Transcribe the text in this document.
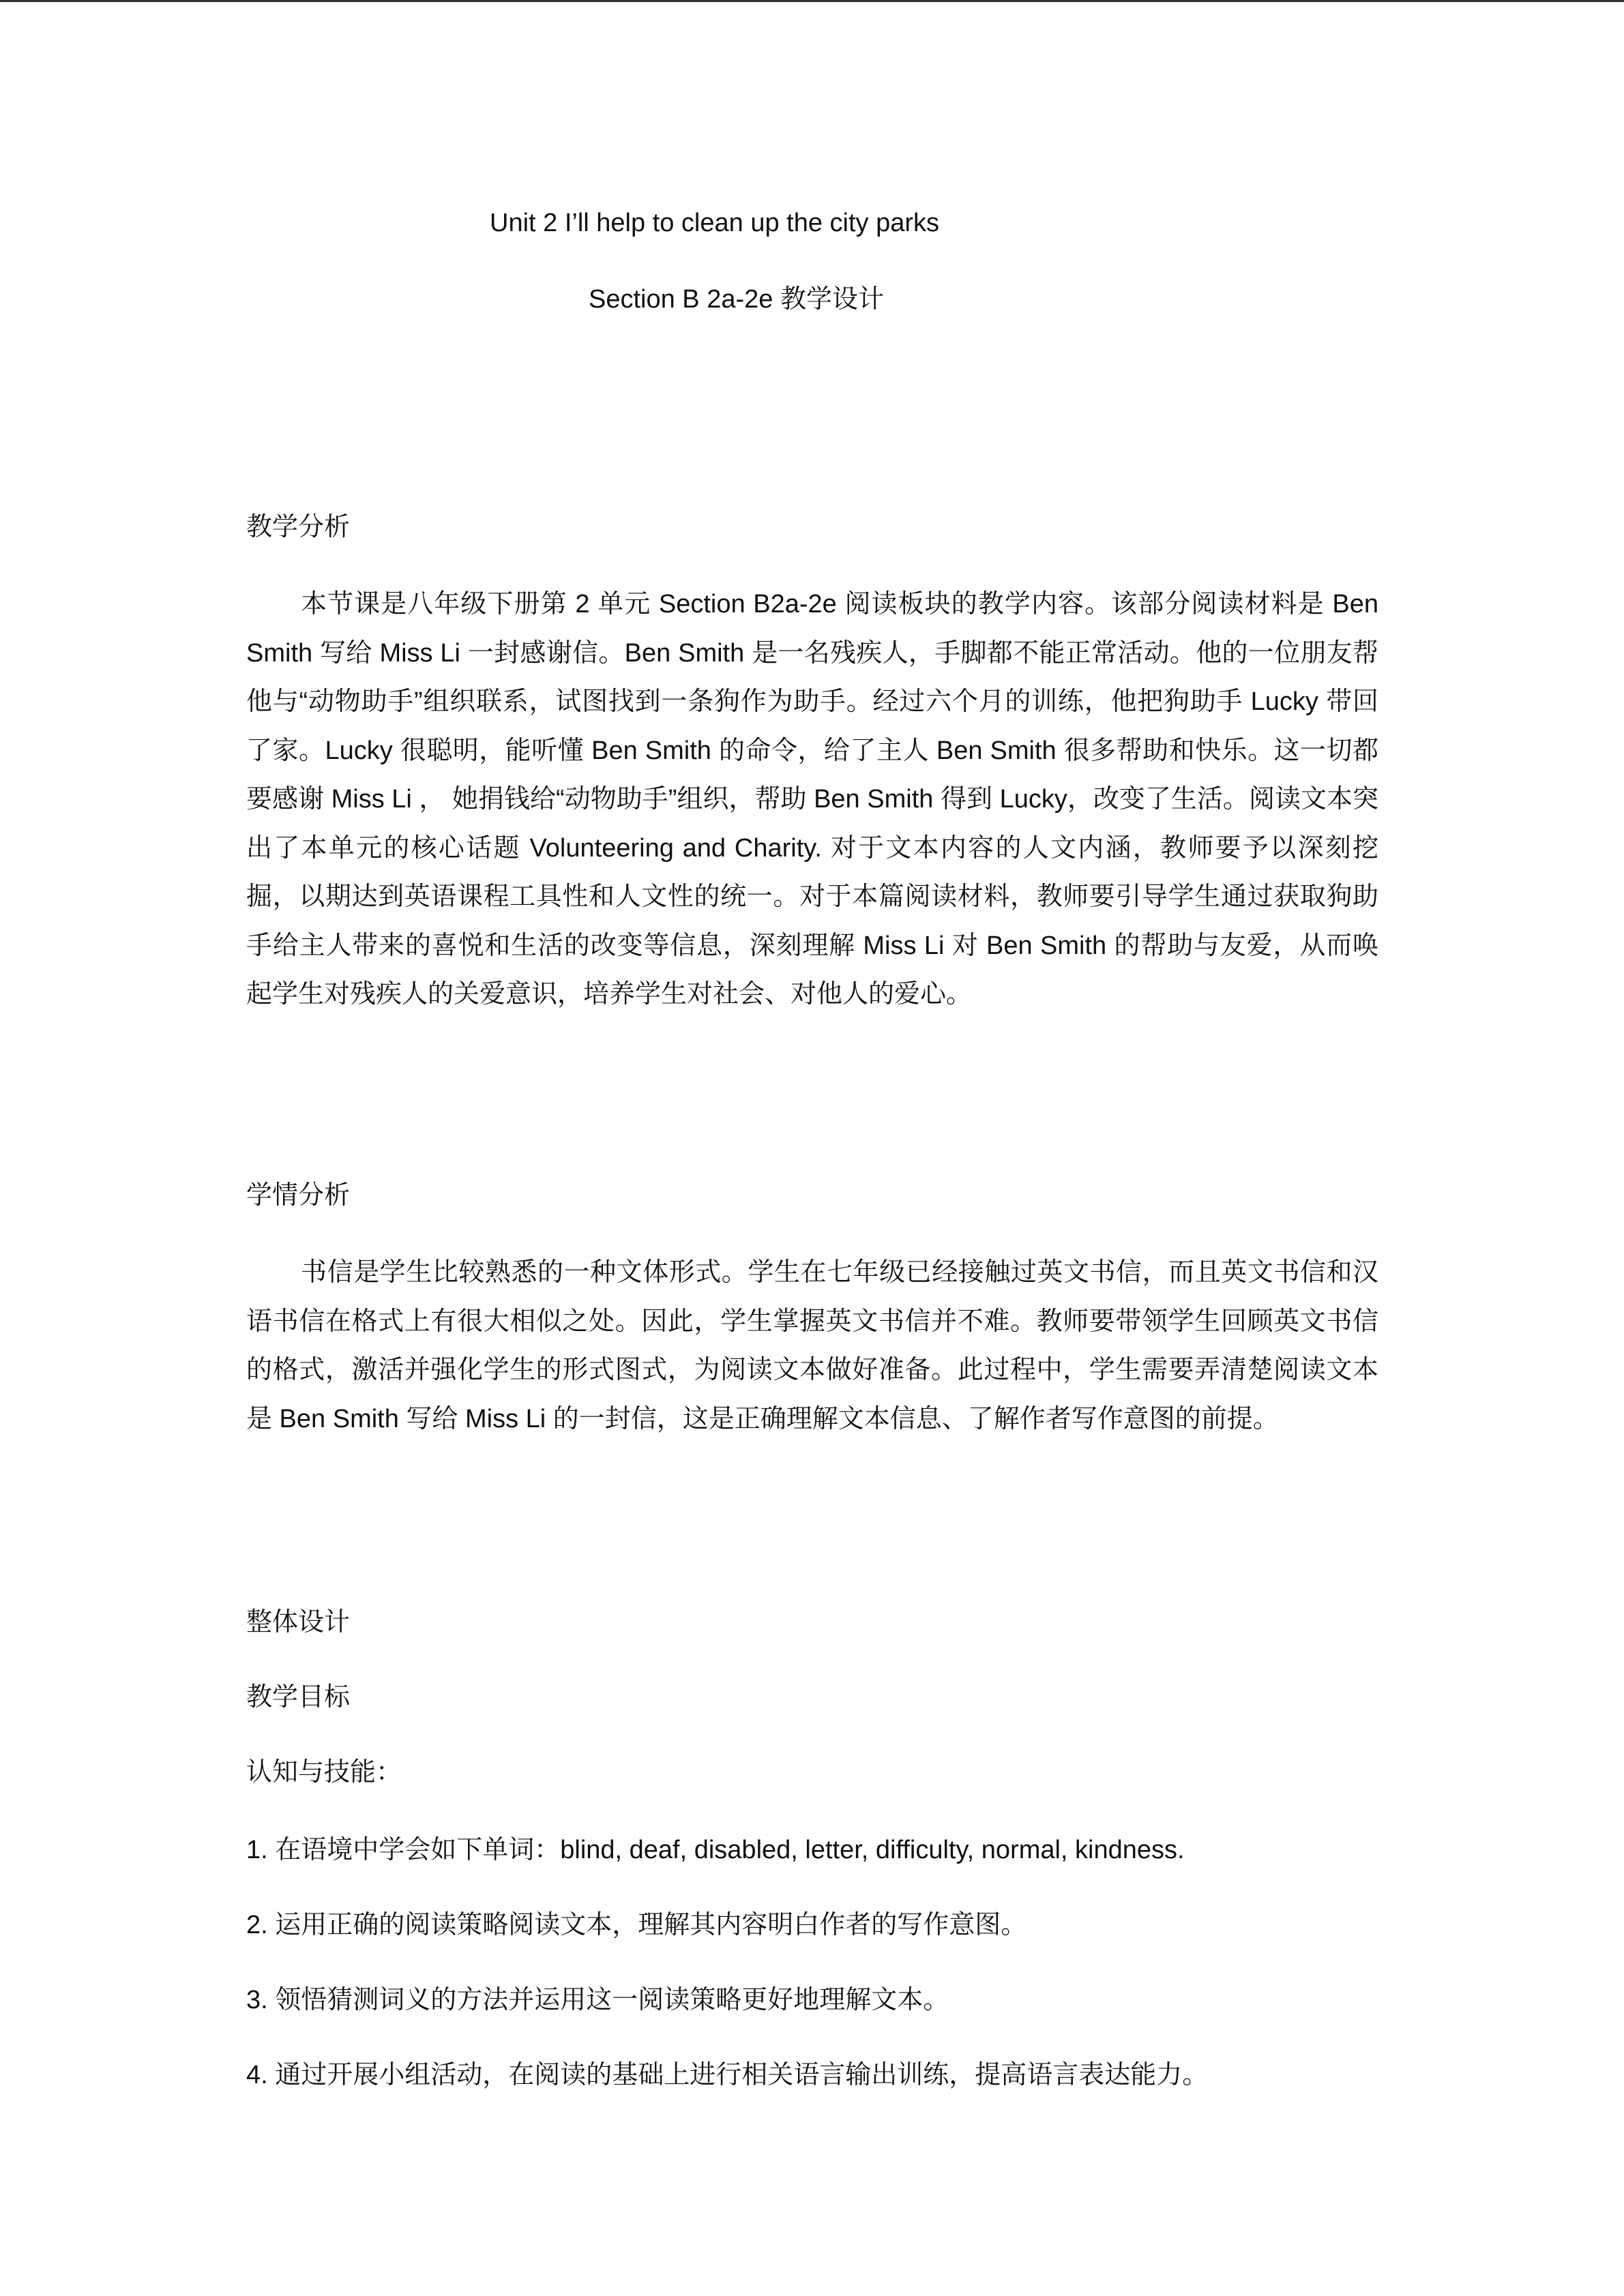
Unit 2 I’ll help to clean up the city parks
Section B 2a-2e 教学设计
教学分析
本节课是八年级下册第 2 单元 Section B2a-2e 阅读板块的教学内容。该部分阅读材料是 Ben Smith 写给 Miss Li 一封感谢信。Ben Smith 是一名残疾人，手脚都不能正常活动。他的一位朋友帮他与“动物助手”组织联系，试图找到一条狗作为助手。经过六个月的训练，他把狗助手 Lucky 带回了家。Lucky 很聪明，能听懂 Ben Smith 的命令，给了主人 Ben Smith 很多帮助和快乐。这一切都要感谢 Miss Li ， 她捐钱给“动物助手”组织，帮助 Ben Smith 得到 Lucky，改变了生活。阅读文本突出了本单元的核心话题 Volunteering and Charity. 对于文本内容的人文内涵，教师要予以深刻挖掘，以期达到英语课程工具性和人文性的统一。对于本篇阅读材料，教师要引导学生通过获取狗助手给主人带来的喜悦和生活的改变等信息，深刻理解 Miss Li 对 Ben Smith 的帮助与友爱，从而唤起学生对残疾人的关爱意识，培养学生对社会、对他人的爱心。
学情分析
书信是学生比较熟悉的一种文体形式。学生在七年级已经接触过英文书信，而且英文书信和汉语书信在格式上有很大相似之处。因此，学生掌握英文书信并不难。教师要带领学生回顾英文书信的格式，激活并强化学生的形式图式，为阅读文本做好准备。此过程中，学生需要弄清楚阅读文本是 Ben Smith 写给 Miss Li 的一封信，这是正确理解文本信息、了解作者写作意图的前提。
整体设计
教学目标
认知与技能：
1. 在语境中学会如下单词：blind, deaf, disabled, letter, difficulty, normal, kindness.
2. 运用正确的阅读策略阅读文本，理解其内容明白作者的写作意图。
3. 领悟猜测词义的方法并运用这一阅读策略更好地理解文本。
4. 通过开展小组活动，在阅读的基础上进行相关语言输出训练，提高语言表达能力。
